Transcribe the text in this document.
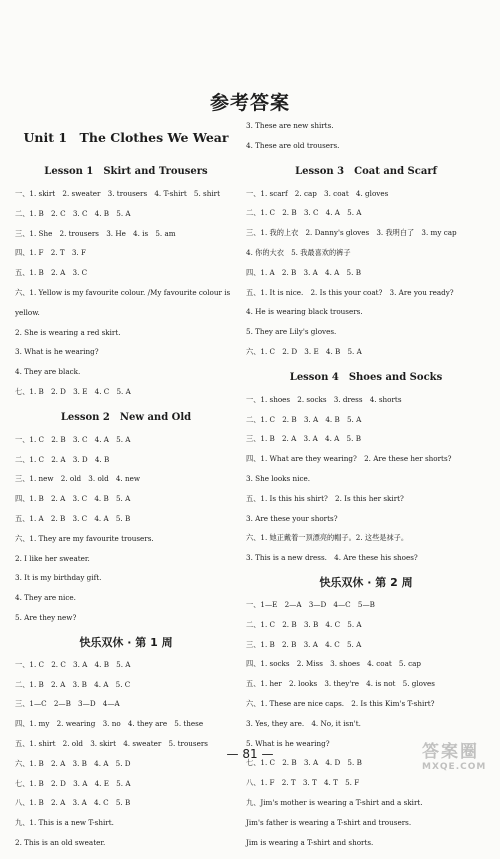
参考答案
Unit 1　The Clothes We Wear
Lesson 1　Skirt and Trousers
一、1. skirt　2. sweater　3. trousers　4. T-shirt　5. shirt
二、1. B　2. C　3. C　4. B　5. A
三、1. She　2. trousers　3. He　4. is　5. am
四、1. F　2. T　3. F
五、1. B　2. A　3. C
六、1. Yellow is my favourite colour. /My favourite colour is
yellow.
2. She is wearing a red skirt.
3. What is he wearing?
4. They are black.
七、1. B　2. D　3. E　4. C　5. A
Lesson 2　New and Old
一、1. C　2. B　3. C　4. A　5. A
二、1. C　2. A　3. D　4. B
三、1. new　2. old　3. old　4. new
四、1. B　2. A　3. C　4. B　5. A
五、1. A　2. B　3. C　4. A　5. B
六、1. They are my favourite trousers.
2. I like her sweater.
3. It is my birthday gift.
4. They are nice.
5. Are they new?
快乐双休 · 第 1 周
一、1. C　2. C　3. A　4. B　5. A
二、1. B　2. A　3. B　4. A　5. C
三、1—C　2—B　3—D　4—A
四、1. my　2. wearing　3. no　4. they are　5. these
五、1. shirt　2. old　3. skirt　4. sweater　5. trousers
六、1. B　2. A　3. B　4. A　5. D
七、1. B　2. D　3. A　4. E　5. A
八、1. B　2. A　3. A　4. C　5. B
九、1. This is a new T-shirt.
2. This is an old sweater.
3. These are new shirts.
4. These are old trousers.
Lesson 3　Coat and Scarf
一、1. scarf　2. cap　3. coat　4. gloves
二、1. C　2. B　3. C　4. A　5. A
三、1. 我的上衣　2. Danny's gloves　3. 我明白了　3. my cap
4. 你的大衣　5. 我最喜欢的裤子
四、1. A　2. B　3. A　4. A　5. B
五、1. It is nice.　2. Is this your coat?　3. Are you ready?
4. He is wearing black trousers.
5. They are Lily's gloves.
六、1. C　2. D　3. E　4. B　5. A
Lesson 4　Shoes and Socks
一、1. shoes　2. socks　3. dress　4. shorts
二、1. C　2. B　3. A　4. B　5. A
三、1. B　2. A　3. A　4. A　5. B
四、1. What are they wearing?　2. Are these her shorts?
3. She looks nice.
五、1. Is this his shirt?　2. Is this her skirt?
3. Are these your shorts?
六、1. 她正戴着一顶漂亮的帽子。2. 这些是袜子。
3. This is a new dress.　4. Are these his shoes?
快乐双休 · 第 2 周
一、1—E　2—A　3—D　4—C　5—B
二、1. C　2. B　3. B　4. C　5. A
三、1. B　2. B　3. A　4. C　5. A
四、1. socks　2. Miss　3. shoes　4. coat　5. cap
五、1. her　2. looks　3. they're　4. is not　5. gloves
六、1. These are nice caps.　2. Is this Kim's T-shirt?
3. Yes, they are.　4. No, it isn't.
5. What is he wearing?
七、1. C　2. B　3. A　4. D　5. B
八、1. F　2. T　3. T　4. T　5. F
九、Jim's mother is wearing a T-shirt and a skirt.
Jim's father is wearing a T-shirt and trousers.
Jim is wearing a T-shirt and shorts.
— 81 —	答案圈
MXQE.COM
